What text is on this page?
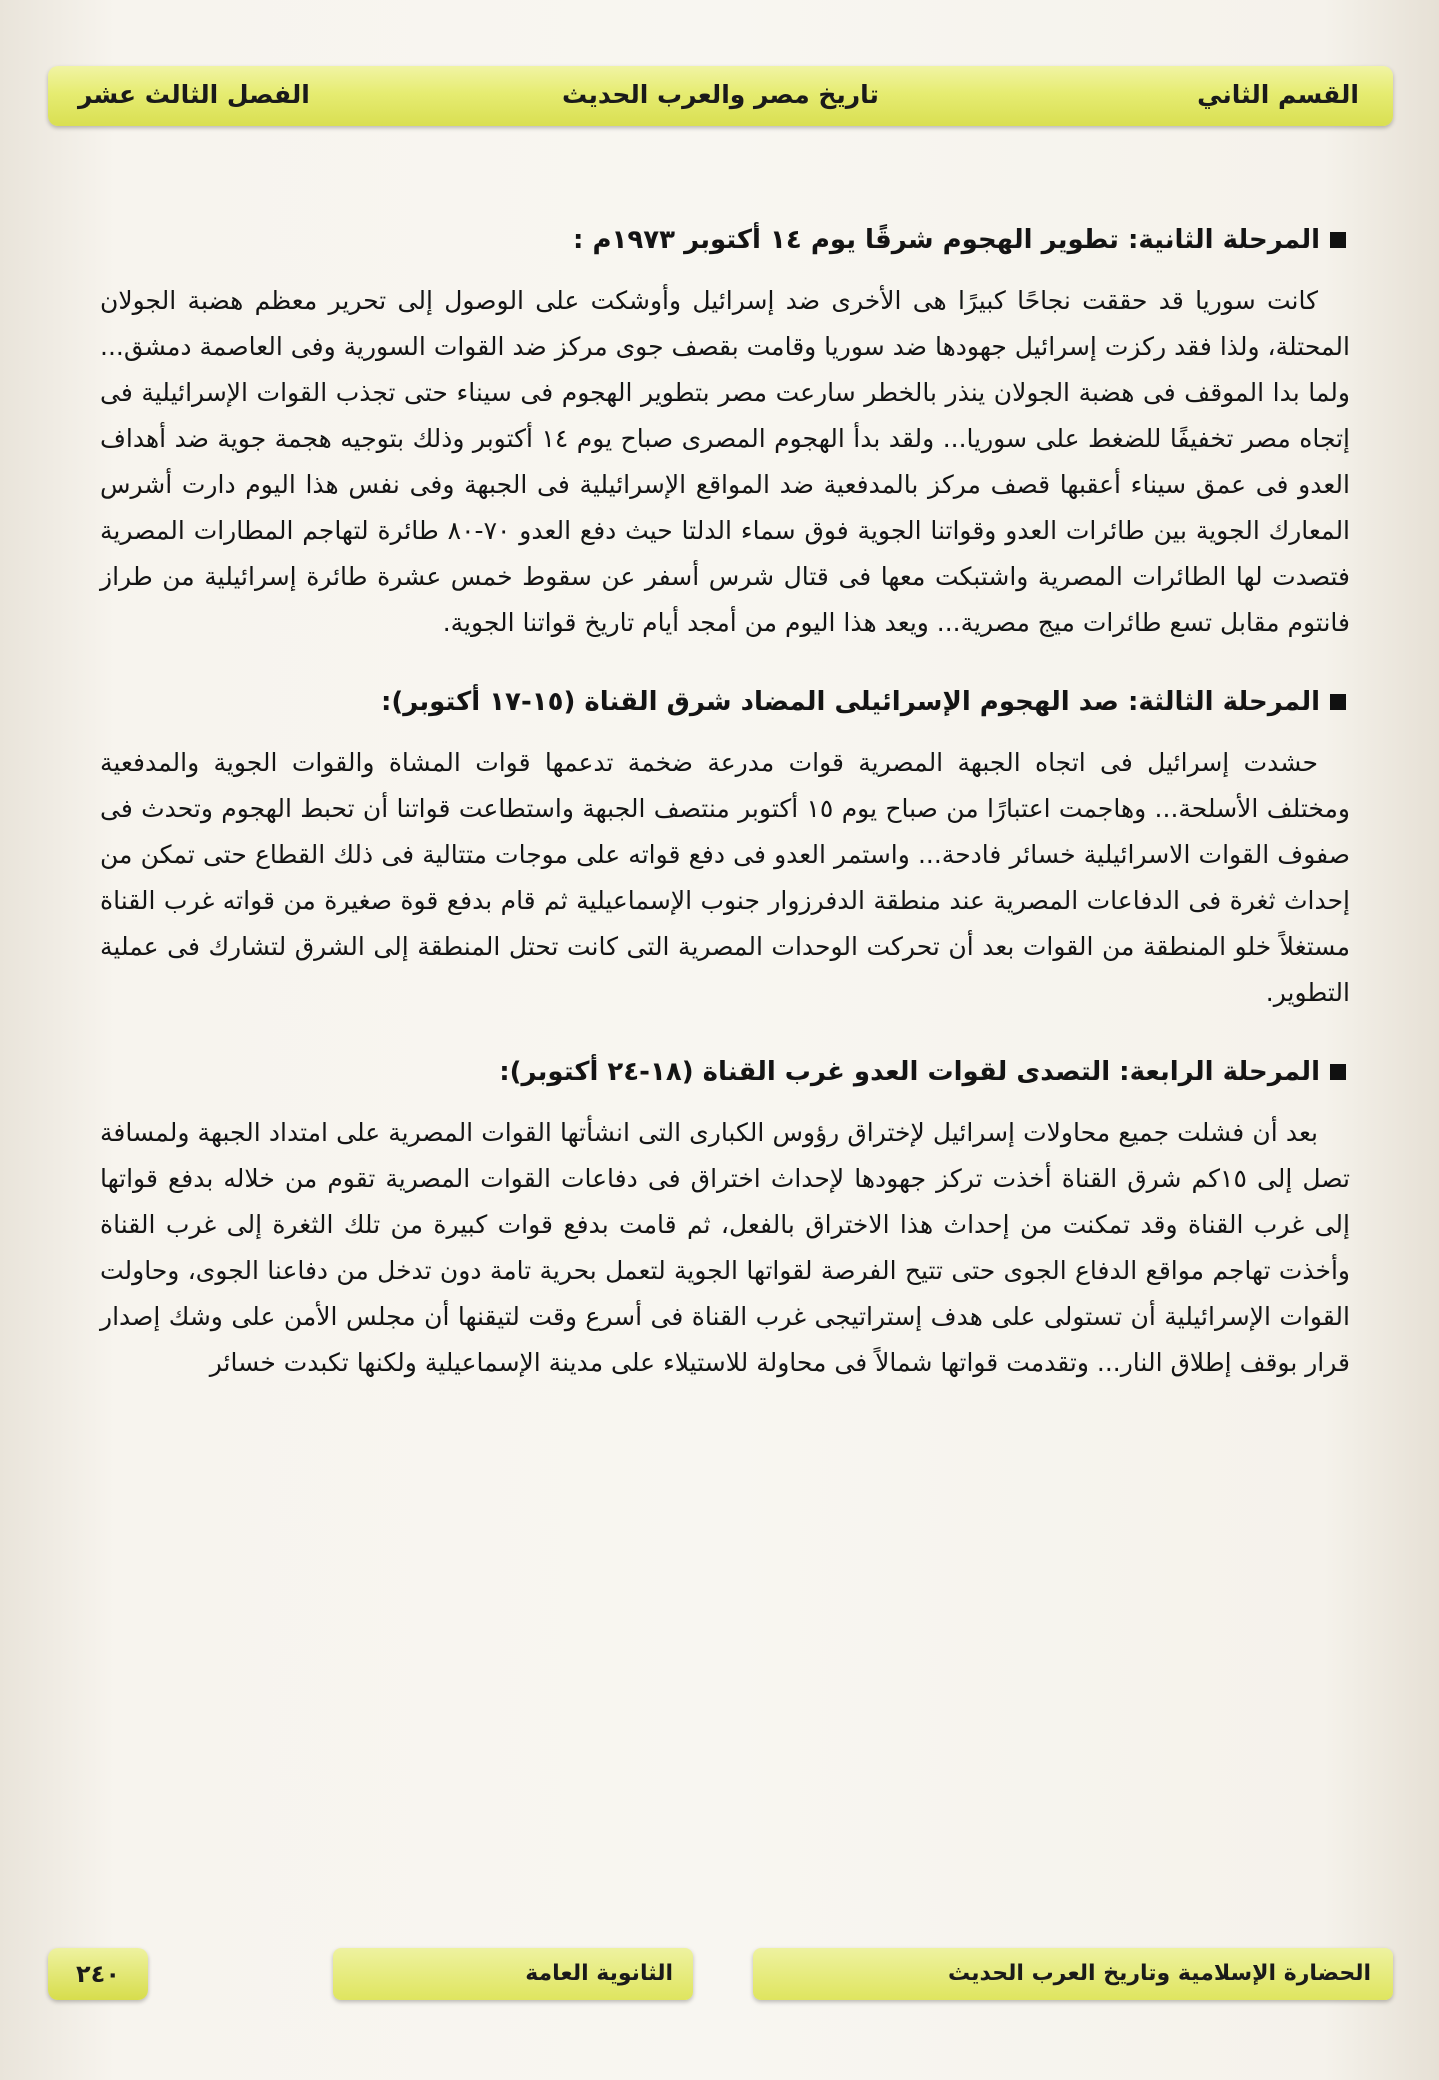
القسم الثاني
تاريخ مصر والعرب الحديث
الفصل الثالث عشر
المرحلة الثانية: تطوير الهجوم شرقًا يوم ١٤ أكتوبر ١٩٧٣م :

كانت سوريا قد حققت نجاحًا كبيرًا هى الأخرى ضد إسرائيل وأوشكت على الوصول إلى تحرير معظم هضبة الجولان المحتلة، ولذا فقد ركزت إسرائيل جهودها ضد سوريا وقامت بقصف جوى مركز ضد القوات السورية وفى العاصمة دمشق... ولما بدا الموقف فى هضبة الجولان ينذر بالخطر سارعت مصر بتطوير الهجوم فى سيناء حتى تجذب القوات الإسرائيلية فى إتجاه مصر تخفيفًا للضغط على سوريا... ولقد بدأ الهجوم المصرى صباح يوم ١٤ أكتوبر وذلك بتوجيه هجمة جوية ضد أهداف العدو فى عمق سيناء أعقبها قصف مركز بالمدفعية ضد المواقع الإسرائيلية فى الجبهة وفى نفس هذا اليوم دارت أشرس المعارك الجوية بين طائرات العدو وقواتنا الجوية فوق سماء الدلتا حيث دفع العدو ٧٠-٨٠ طائرة لتهاجم المطارات المصرية فتصدت لها الطائرات المصرية واشتبكت معها فى قتال شرس أسفر عن سقوط خمس عشرة طائرة إسرائيلية من طراز فانتوم مقابل تسع طائرات ميج مصرية... ويعد هذا اليوم من أمجد أيام تاريخ قواتنا الجوية.

المرحلة الثالثة: صد الهجوم الإسرائيلى المضاد شرق القناة (١٥-١٧ أكتوبر):

حشدت إسرائيل فى اتجاه الجبهة المصرية قوات مدرعة ضخمة تدعمها قوات المشاة والقوات الجوية والمدفعية ومختلف الأسلحة... وهاجمت اعتبارًا من صباح يوم ١٥ أكتوبر منتصف الجبهة واستطاعت قواتنا أن تحبط الهجوم وتحدث فى صفوف القوات الاسرائيلية خسائر فادحة... واستمر العدو فى دفع قواته على موجات متتالية فى ذلك القطاع حتى تمكن من إحداث ثغرة فى الدفاعات المصرية عند منطقة الدفرزوار جنوب الإسماعيلية ثم قام بدفع قوة صغيرة من قواته غرب القناة مستغلاً خلو المنطقة من القوات بعد أن تحركت الوحدات المصرية التى كانت تحتل المنطقة إلى الشرق لتشارك فى عملية التطوير.

المرحلة الرابعة: التصدى لقوات العدو غرب القناة (١٨-٢٤ أكتوبر):

بعد أن فشلت جميع محاولات إسرائيل لإختراق رؤوس الكبارى التى انشأتها القوات المصرية على امتداد الجبهة ولمسافة تصل إلى ١٥كم شرق القناة أخذت تركز جهودها لإحداث اختراق فى دفاعات القوات المصرية تقوم من خلاله بدفع قواتها إلى غرب القناة وقد تمكنت من إحداث هذا الاختراق بالفعل، ثم قامت بدفع قوات كبيرة من تلك الثغرة إلى غرب القناة وأخذت تهاجم مواقع الدفاع الجوى حتى تتيح الفرصة لقواتها الجوية لتعمل بحرية تامة دون تدخل من دفاعنا الجوى، وحاولت القوات الإسرائيلية أن تستولى على هدف إستراتيجى غرب القناة فى أسرع وقت لتيقنها أن مجلس الأمن على وشك إصدار قرار بوقف إطلاق النار... وتقدمت قواتها شمالاً فى محاولة للاستيلاء على مدينة الإسماعيلية ولكنها تكبدت خسائر

الحضارة الإسلامية وتاريخ العرب الحديث
الثانوية العامة
٢٤٠
